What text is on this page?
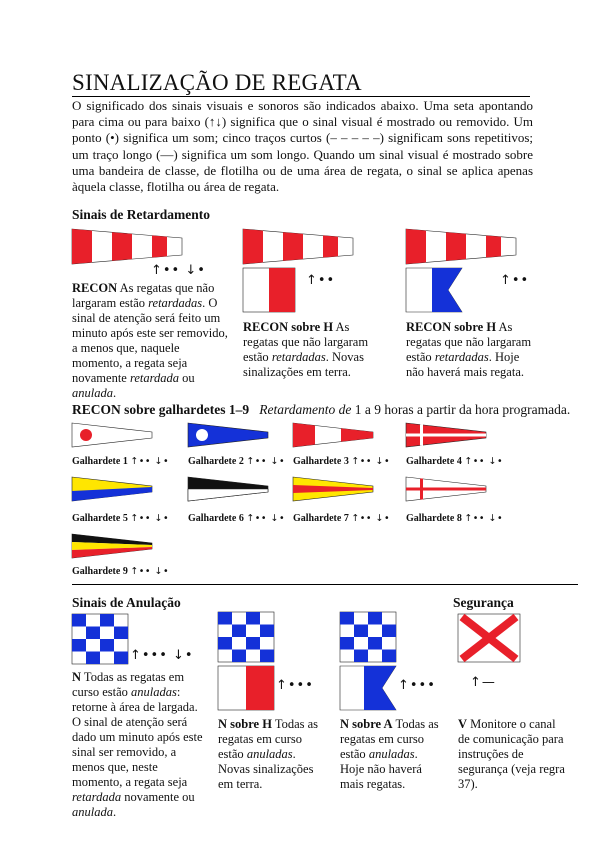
SINALIZAÇÃO DE REGATA
O significado dos sinais visuais e sonoros são indicados abaixo. Uma seta apontando para cima ou para baixo (↑↓) significa que o sinal visual é mostrado ou removido. Um ponto (•) significa um som; cinco traços curtos (– – – – –) significam sons repetitivos; um traço longo (—) significa um som longo. Quando um sinal visual é mostrado sobre uma bandeira de classe, de flotilha ou de uma área de regata, o sinal se aplica apenas àquela classe, flotilha ou área de regata.
Sinais de Retardamento
↑•• ↓•
RECON As regatas que não largaram estão retardadas. O sinal de atenção será feito um minuto após este ser removido, a menos que, naquele momento, a regata seja novamente retardada ou anulada.
↑••
RECON sobre H As regatas que não largaram estão retardadas. Novas sinalizações em terra.
↑••
RECON sobre H As regatas que não largaram estão retardadas. Hoje não haverá mais regata.
RECON sobre galhardetes 1–9 Retardamento de 1 a 9 horas a partir da hora programada.
Galhardete 1 ↑•• ↓• Galhardete 2 ↑•• ↓• Galhardete 3 ↑•• ↓• Galhardete 4 ↑•• ↓•
Galhardete 5 ↑•• ↓• Galhardete 6 ↑•• ↓• Galhardete 7 ↑•• ↓• Galhardete 8 ↑•• ↓•
Galhardete 9 ↑•• ↓•
Sinais de Anulação	Segurança
↑••• ↓•
N Todas as regatas em curso estão anuladas: retorne à área de largada. O sinal de atenção será dado um minuto após este sinal ser removido, a menos que, neste momento, a regata seja retardada novamente ou anulada.
↑•••
N sobre H Todas as regatas em curso estão anuladas. Novas sinalizações em terra.
↑•••
N sobre A Todas as regatas em curso estão anuladas. Hoje não haverá mais regatas.
↑—
V Monitore o canal de comunicação para instruções de segurança (veja regra 37).
